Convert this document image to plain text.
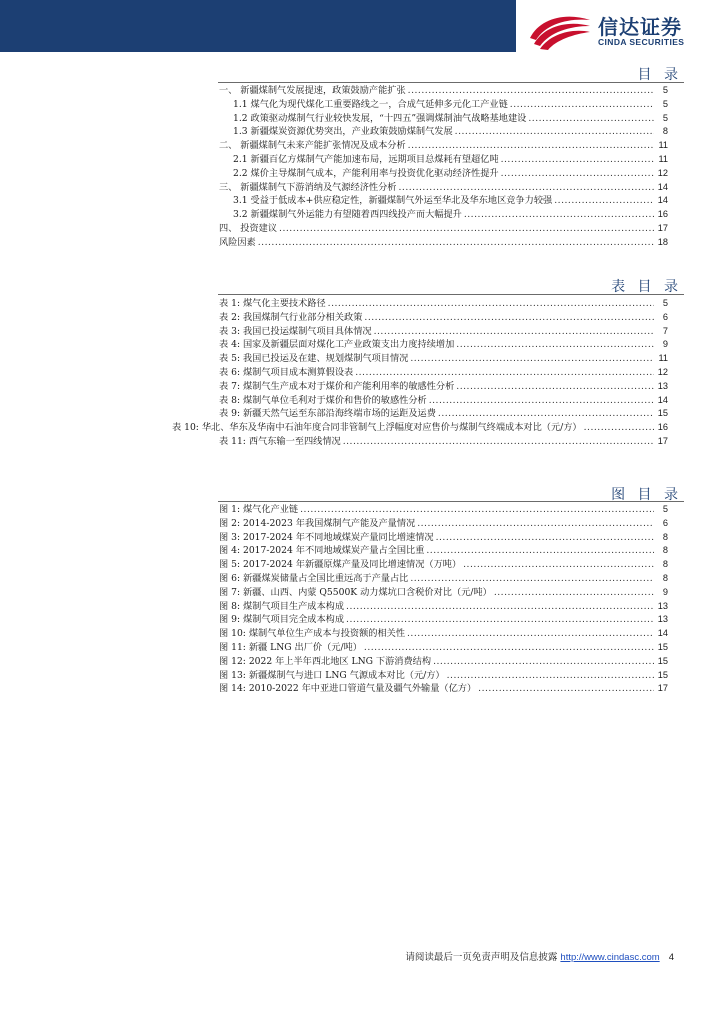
信达证券
CINDA SECURITIES
目 录
一、 新疆煤制气发展提速，政策鼓励产能扩张 .....	5
1.1 煤气化为现代煤化工重要路线之一，合成气延伸多元化工产业链 .....	5
1.2 政策驱动煤制气行业较快发展，“十四五”强调煤制油气战略基地建设 .....	5
1.3 新疆煤炭资源优势突出，产业政策鼓励煤制气发展 .....	8
二、 新疆煤制气未来产能扩张情况及成本分析 .....	11
2.1 新疆百亿方煤制气产能加速布局，远期项目总煤耗有望超亿吨 .....	11
2.2 煤价主导煤制气成本，产能利用率与投资优化驱动经济性提升 .....	12
三、 新疆煤制气下游消纳及气源经济性分析 .....	14
3.1 受益于低成本+供应稳定性，新疆煤制气外运至华北及华东地区竞争力较强 .....	14
3.2 新疆煤制气外运能力有望随着西四线投产而大幅提升 .....	16
四、 投资建议 .....	17
风险因素 .....	18
表 目 录
表 1: 煤气化主要技术路径 .....	5
表 2: 我国煤制气行业部分相关政策 .....	6
表 3: 我国已投运煤制气项目具体情况 .....	7
表 4: 国家及新疆层面对煤化工产业政策支出力度持续增加 .....	9
表 5: 我国已投运及在建、规划煤制气项目情况 .....	11
表 6: 煤制气项目成本测算假设表 .....	12
表 7: 煤制气生产成本对于煤价和产能利用率的敏感性分析 .....	13
表 8: 煤制气单位毛利对于煤价和售价的敏感性分析 .....	14
表 9: 新疆天然气运至东部沿海终端市场的运距及运费 .....	15
表 10: 华北、华东及华南中石油年度合同非管制气上浮幅度对应售价与煤制气终端成本对比（元/方） .....	16
表 11: 西气东输一至四线情况 .....	17
图 目 录
图 1: 煤气化产业链 .....	5
图 2: 2014-2023 年我国煤制气产能及产量情况 .....	6
图 3: 2017-2024 年不同地域煤炭产量同比增速情况 .....	8
图 4: 2017-2024 年不同地域煤炭产量占全国比重 .....	8
图 5: 2017-2024 年新疆原煤产量及同比增速情况（万吨） .....	8
图 6: 新疆煤炭储量占全国比重远高于产量占比 .....	8
图 7: 新疆、山西、内蒙 Q5500K 动力煤坑口含税价对比（元/吨） .....	9
图 8: 煤制气项目生产成本构成 .....	13
图 9: 煤制气项目完全成本构成 .....	13
图 10: 煤制气单位生产成本与投资额的相关性 .....	14
图 11: 新疆 LNG 出厂价（元/吨） .....	15
图 12: 2022 年上半年西北地区 LNG 下游消费结构 .....	15
图 13: 新疆煤制气与进口 LNG 气源成本对比（元/方） .....	15
图 14: 2010-2022 年中亚进口管道气量及疆气外输量（亿方） .....	17
请阅读最后一页免责声明及信息披露 http://www.cindasc.com 4
